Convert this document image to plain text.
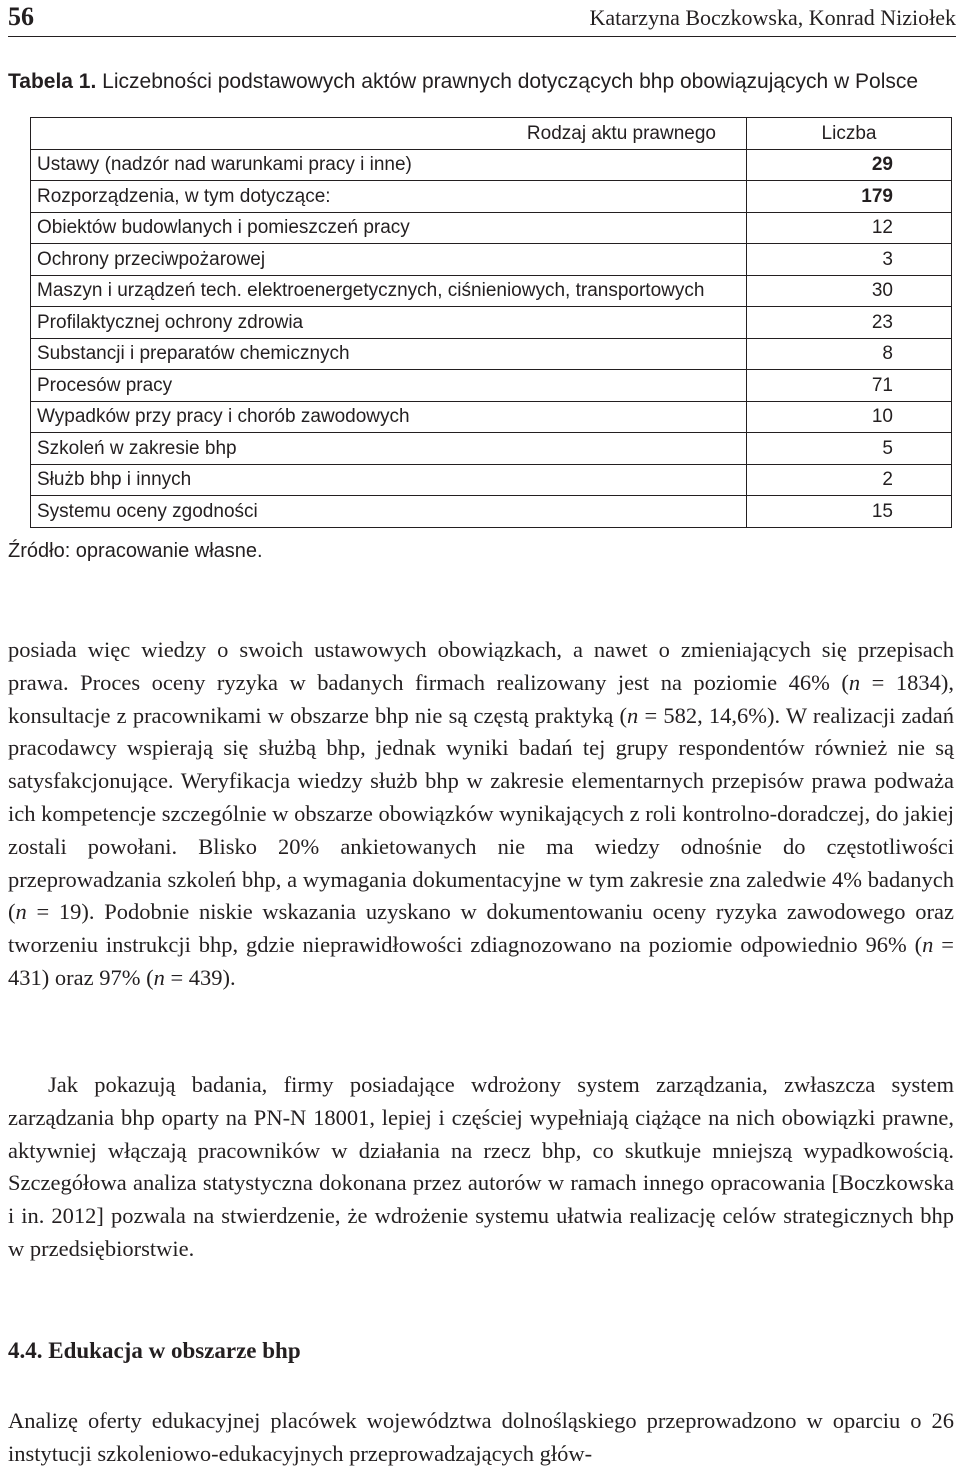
56	Katarzyna Boczkowska, Konrad Niziołek
Tabela 1. Liczebności podstawowych aktów prawnych dotyczących bhp obowiązujących w Polsce
Rodzaj aktu prawnego	Liczba
Ustawy (nadzór nad warunkami pracy i inne)	29
Rozporządzenia, w tym dotyczące:	179
Obiektów budowlanych i pomieszczeń pracy	12
Ochrony przeciwpożarowej	3
Maszyn i urządzeń tech. elektroenergetycznych, ciśnieniowych, transportowych	30
Profilaktycznej ochrony zdrowia	23
Substancji i preparatów chemicznych	8
Procesów pracy	71
Wypadków przy pracy i chorób zawodowych	10
Szkoleń w zakresie bhp	5
Służb bhp i innych	2
Systemu oceny zgodności	15
Źródło: opracowanie własne.

posiada więc wiedzy o swoich ustawowych obowiązkach, a nawet o zmieniających się przepisach prawa. Proces oceny ryzyka w badanych firmach realizowany jest na poziomie 46% (n = 1834), konsultacje z pracownikami w obszarze bhp nie są częstą praktyką (n = 582, 14,6%). W realizacji zadań pracodawcy wspierają się służbą bhp, jednak wyniki badań tej grupy respondentów również nie są satysfakcjonujące. Weryfikacja wiedzy służb bhp w zakresie elementarnych przepisów prawa podważa ich kompetencje szczególnie w obszarze obowiązków wynikających z roli kontrolno-doradczej, do jakiej zostali powołani. Blisko 20% ankietowanych nie ma wiedzy odnośnie do częstotliwości przeprowadzania szkoleń bhp, a wymagania dokumentacyjne w tym zakresie zna zaledwie 4% badanych (n = 19). Podobnie niskie wskazania uzyskano w dokumentowaniu oceny ryzyka zawodowego oraz tworzeniu instrukcji bhp, gdzie nieprawidłowości zdiagnozowano na poziomie odpowiednio 96% (n = 431) oraz 97% (n = 439).

Jak pokazują badania, firmy posiadające wdrożony system zarządzania, zwłaszcza system zarządzania bhp oparty na PN-N 18001, lepiej i częściej wypełniają ciążące na nich obowiązki prawne, aktywniej włączają pracowników w działania na rzecz bhp, co skutkuje mniejszą wypadkowością. Szczegółowa analiza statystyczna dokonana przez autorów w ramach innego opracowania [Boczkowska i in. 2012] pozwala na stwierdzenie, że wdrożenie systemu ułatwia realizację celów strategicznych bhp w przedsiębiorstwie.

4.4. Edukacja w obszarze bhp

Analizę oferty edukacyjnej placówek województwa dolnośląskiego przeprowadzono w oparciu o 26 instytucji szkoleniowo-edukacyjnych przeprowadzających głów-
